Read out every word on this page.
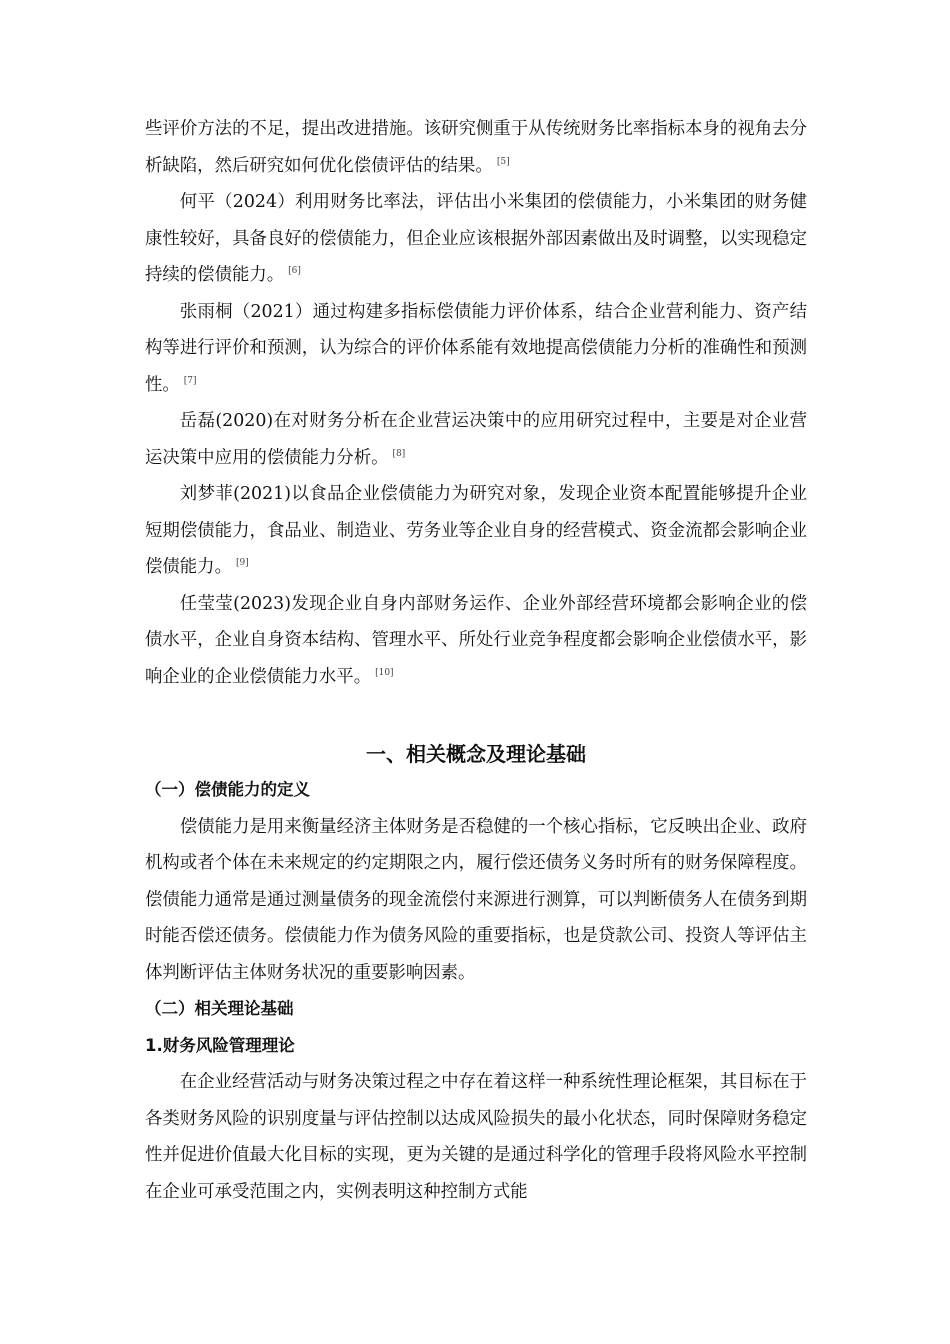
些评价方法的不足，提出改进措施。该研究侧重于从传统财务比率指标本身的视角去分析缺陷，然后研究如何优化偿债评估的结果。 [5]

何平（2024）利用财务比率法，评估出小米集团的偿债能力，小米集团的财务健康性较好，具备良好的偿债能力，但企业应该根据外部因素做出及时调整，以实现稳定持续的偿债能力。 [6]

张雨桐（2021）通过构建多指标偿债能力评价体系，结合企业营利能力、资产结构等进行评价和预测，认为综合的评价体系能有效地提高偿债能力分析的准确性和预测性。 [7]

岳磊(2020)在对财务分析在企业营运决策中的应用研究过程中，主要是对企业营运决策中应用的偿债能力分析。 [8]

刘梦菲(2021)以食品企业偿债能力为研究对象，发现企业资本配置能够提升企业短期偿债能力，食品业、制造业、劳务业等企业自身的经营模式、资金流都会影响企业偿债能力。 [9]

任莹莹(2023)发现企业自身内部财务运作、企业外部经营环境都会影响企业的偿债水平，企业自身资本结构、管理水平、所处行业竞争程度都会影响企业偿债水平，影响企业的企业偿债能力水平。 [10]

一、相关概念及理论基础

（一）偿债能力的定义

偿债能力是用来衡量经济主体财务是否稳健的一个核心指标，它反映出企业、政府机构或者个体在未来规定的约定期限之内，履行偿还债务义务时所有的财务保障程度。偿债能力通常是通过测量债务的现金流偿付来源进行测算，可以判断债务人在债务到期时能否偿还债务。偿债能力作为债务风险的重要指标，也是贷款公司、投资人等评估主体判断评估主体财务状况的重要影响因素。

（二）相关理论基础

1.财务风险管理理论

在企业经营活动与财务决策过程之中存在着这样一种系统性理论框架，其目标在于各类财务风险的识别度量与评估控制以达成风险损失的最小化状态，同时保障财务稳定性并促进价值最大化目标的实现，更为关键的是通过科学化的管理手段将风险水平控制在企业可承受范围之内，实例表明这种控制方式能
